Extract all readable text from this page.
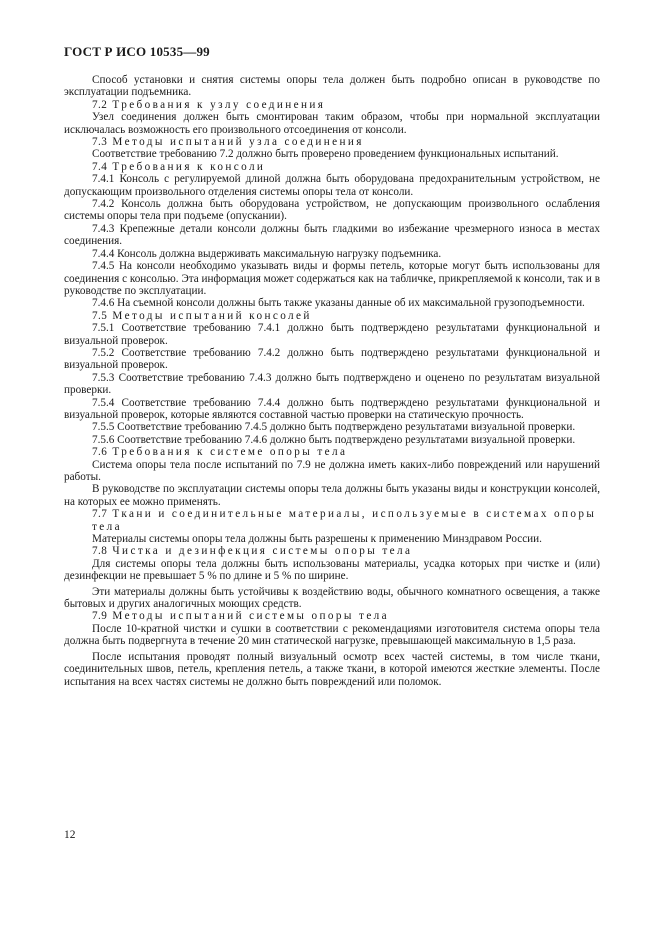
ГОСТ Р ИСО 10535—99

Способ установки и снятия системы опоры тела должен быть подробно описан в руководстве по эксплуатации подъемника.

7.2 Требования к узлу соединения

Узел соединения должен быть смонтирован таким образом, чтобы при нормальной эксплуатации исключалась возможность его произвольного отсоединения от консоли.

7.3 Методы испытаний узла соединения

Соответствие требованию 7.2 должно быть проверено проведением функциональных испытаний.

7.4 Требования к консоли

7.4.1 Консоль с регулируемой длиной должна быть оборудована предохранительным устройством, не допускающим произвольного отделения системы опоры тела от консоли.

7.4.2 Консоль должна быть оборудована устройством, не допускающим произвольного ослабления системы опоры тела при подъеме (опускании).

7.4.3 Крепежные детали консоли должны быть гладкими во избежание чрезмерного износа в местах соединения.

7.4.4 Консоль должна выдерживать максимальную нагрузку подъемника.

7.4.5 На консоли необходимо указывать виды и формы петель, которые могут быть использованы для соединения с консолью. Эта информация может содержаться как на табличке, прикрепляемой к консоли, так и в руководстве по эксплуатации.

7.4.6 На съемной консоли должны быть также указаны данные об их максимальной грузоподъемности.

7.5 Методы испытаний консолей

7.5.1 Соответствие требованию 7.4.1 должно быть подтверждено результатами функциональной и визуальной проверок.

7.5.2 Соответствие требованию 7.4.2 должно быть подтверждено результатами функциональной и визуальной проверок.

7.5.3 Соответствие требованию 7.4.3 должно быть подтверждено и оценено по результатам визуальной проверки.

7.5.4 Соответствие требованию 7.4.4 должно быть подтверждено результатами функциональной и визуальной проверок, которые являются составной частью проверки на статическую прочность.

7.5.5 Соответствие требованию 7.4.5 должно быть подтверждено результатами визуальной проверки.

7.5.6 Соответствие требованию 7.4.6 должно быть подтверждено результатами визуальной проверки.

7.6 Требования к системе опоры тела

Система опоры тела после испытаний по 7.9 не должна иметь каких-либо повреждений или нарушений работы.

В руководстве по эксплуатации системы опоры тела должны быть указаны виды и конструкции консолей, на которых ее можно применять.

7.7 Ткани и соединительные материалы, используемые в системах опоры тела

Материалы системы опоры тела должны быть разрешены к применению Минздравом России.

7.8 Чистка и дезинфекция системы опоры тела

Для системы опоры тела должны быть использованы материалы, усадка которых при чистке и (или) дезинфекции не превышает 5 % по длине и 5 % по ширине.

Эти материалы должны быть устойчивы к воздействию воды, обычного комнатного освещения, а также бытовых и других аналогичных моющих средств.

7.9 Методы испытаний системы опоры тела

После 10-кратной чистки и сушки в соответствии с рекомендациями изготовителя система опоры тела должна быть подвергнута в течение 20 мин статической нагрузке, превышающей максимальную в 1,5 раза.

После испытания проводят полный визуальный осмотр всех частей системы, в том числе ткани, соединительных швов, петель, крепления петель, а также ткани, в которой имеются жесткие элементы. После испытания на всех частях системы не должно быть повреждений или поломок.

12
